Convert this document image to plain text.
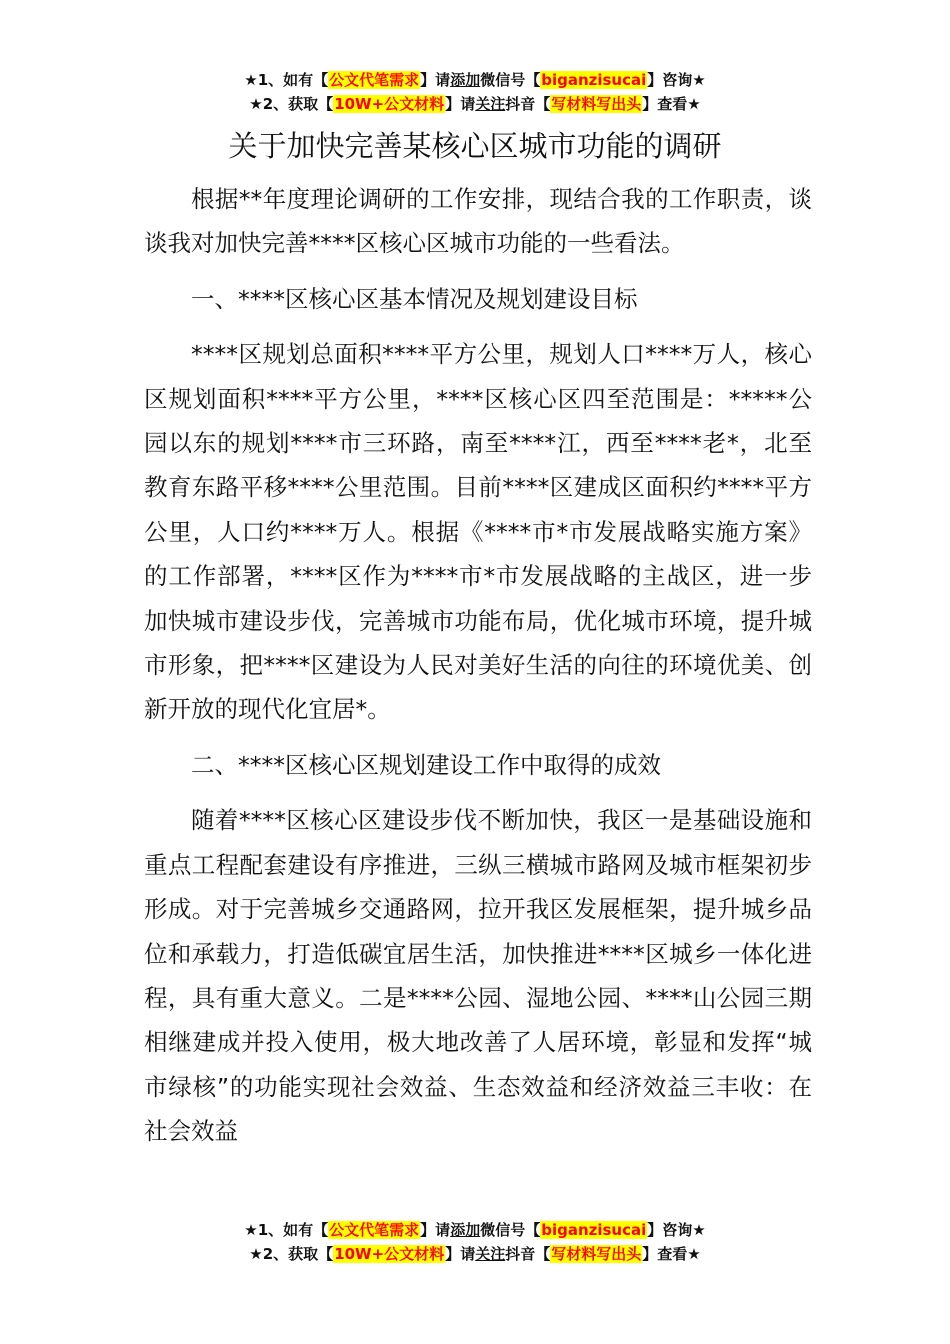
★1、如有【公文代笔需求】请添加微信号【biganzisucai】咨询★
★2、获取【10W+公文材料】请关注抖音【写材料写出头】查看★
关于加快完善某核心区城市功能的调研

根据**年度理论调研的工作安排，现结合我的工作职责，谈谈我对加快完善****区核心区城市功能的一些看法。

一、****区核心区基本情况及规划建设目标

****区规划总面积****平方公里，规划人口****万人，核心区规划面积****平方公里，****区核心区四至范围是：*****公园以东的规划****市三环路，南至****江，西至****老*，北至教育东路平移****公里范围。目前****区建成区面积约****平方公里，人口约****万人。根据《****市*市发展战略实施方案》的工作部署，****区作为****市*市发展战略的主战区，进一步加快城市建设步伐，完善城市功能布局，优化城市环境，提升城市形象，把****区建设为人民对美好生活的向往的环境优美、创新开放的现代化宜居*。

二、****区核心区规划建设工作中取得的成效

随着****区核心区建设步伐不断加快，我区一是基础设施和重点工程配套建设有序推进，三纵三横城市路网及城市框架初步形成。对于完善城乡交通路网，拉开我区发展框架，提升城乡品位和承载力，打造低碳宜居生活，加快推进****区城乡一体化进程，具有重大意义。二是****公园、湿地公园、****山公园三期相继建成并投入使用，极大地改善了人居环境，彰显和发挥“城市绿核”的功能实现社会效益、生态效益和经济效益三丰收：在社会效益

★1、如有【公文代笔需求】请添加微信号【biganzisucai】咨询★
★2、获取【10W+公文材料】请关注抖音【写材料写出头】查看★
